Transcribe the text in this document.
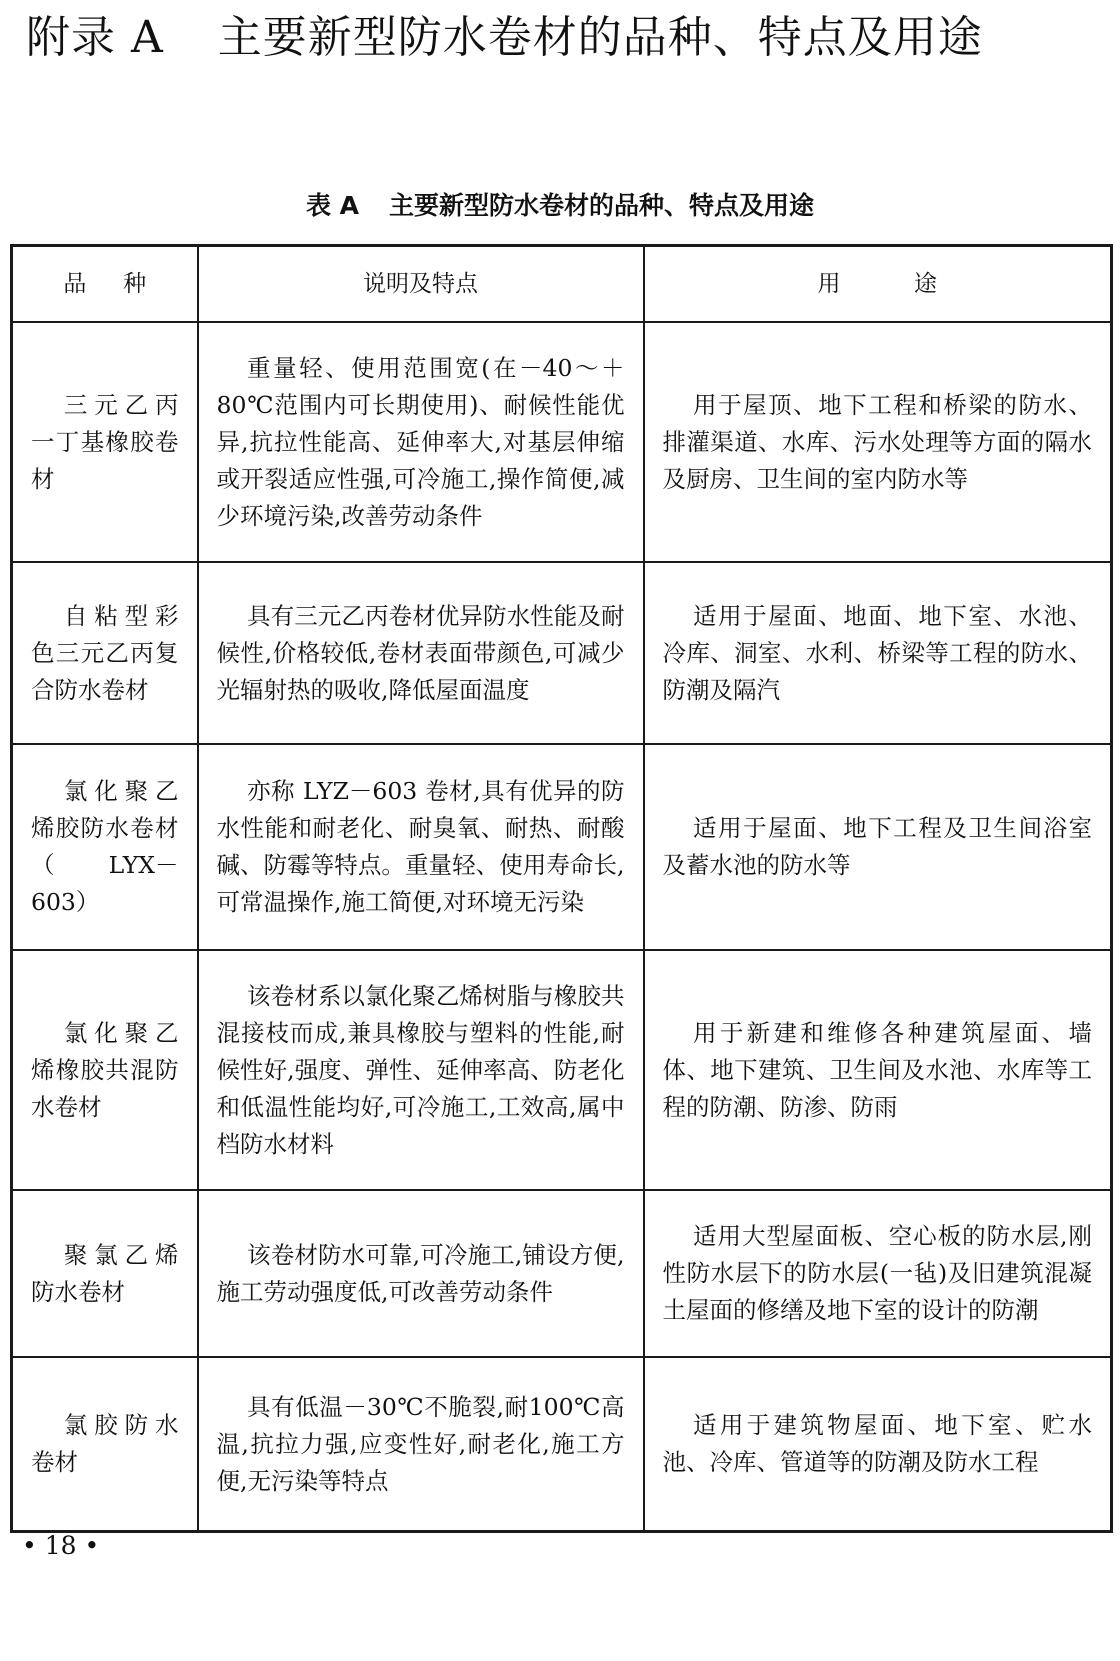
附录 A 主要新型防水卷材的品种、特点及用途

表 A 主要新型防水卷材的品种、特点及用途

品 种	说明及特点	用 途
三元乙丙一丁基橡胶卷材	重量轻、使用范围宽(在－40～＋80℃范围内可长期使用)、耐候性能优异,抗拉性能高、延伸率大,对基层伸缩或开裂适应性强,可冷施工,操作简便,减少环境污染,改善劳动条件	用于屋顶、地下工程和桥梁的防水、排灌渠道、水库、污水处理等方面的隔水及厨房、卫生间的室内防水等
自粘型彩色三元乙丙复合防水卷材	具有三元乙丙卷材优异防水性能及耐候性,价格较低,卷材表面带颜色,可减少光辐射热的吸收,降低屋面温度	适用于屋面、地面、地下室、水池、冷库、洞室、水利、桥梁等工程的防水、防潮及隔汽
氯化聚乙烯胶防水卷材（LYX－603）	亦称 LYZ－603 卷材,具有优异的防水性能和耐老化、耐臭氧、耐热、耐酸碱、防霉等特点。重量轻、使用寿命长,可常温操作,施工简便,对环境无污染	适用于屋面、地下工程及卫生间浴室及蓄水池的防水等
氯化聚乙烯橡胶共混防水卷材	该卷材系以氯化聚乙烯树脂与橡胶共混接枝而成,兼具橡胶与塑料的性能,耐候性好,强度、弹性、延伸率高、防老化和低温性能均好,可冷施工,工效高,属中档防水材料	用于新建和维修各种建筑屋面、墙体、地下建筑、卫生间及水池、水库等工程的防潮、防渗、防雨
聚氯乙烯防水卷材	该卷材防水可靠,可冷施工,铺设方便,施工劳动强度低,可改善劳动条件	适用大型屋面板、空心板的防水层,刚性防水层下的防水层(一毡)及旧建筑混凝土屋面的修缮及地下室的设计的防潮
氯胶防水卷材	具有低温－30℃不脆裂,耐100℃高温,抗拉力强,应变性好,耐老化,施工方便,无污染等特点	适用于建筑物屋面、地下室、贮水池、冷库、管道等的防潮及防水工程

• 18 •
